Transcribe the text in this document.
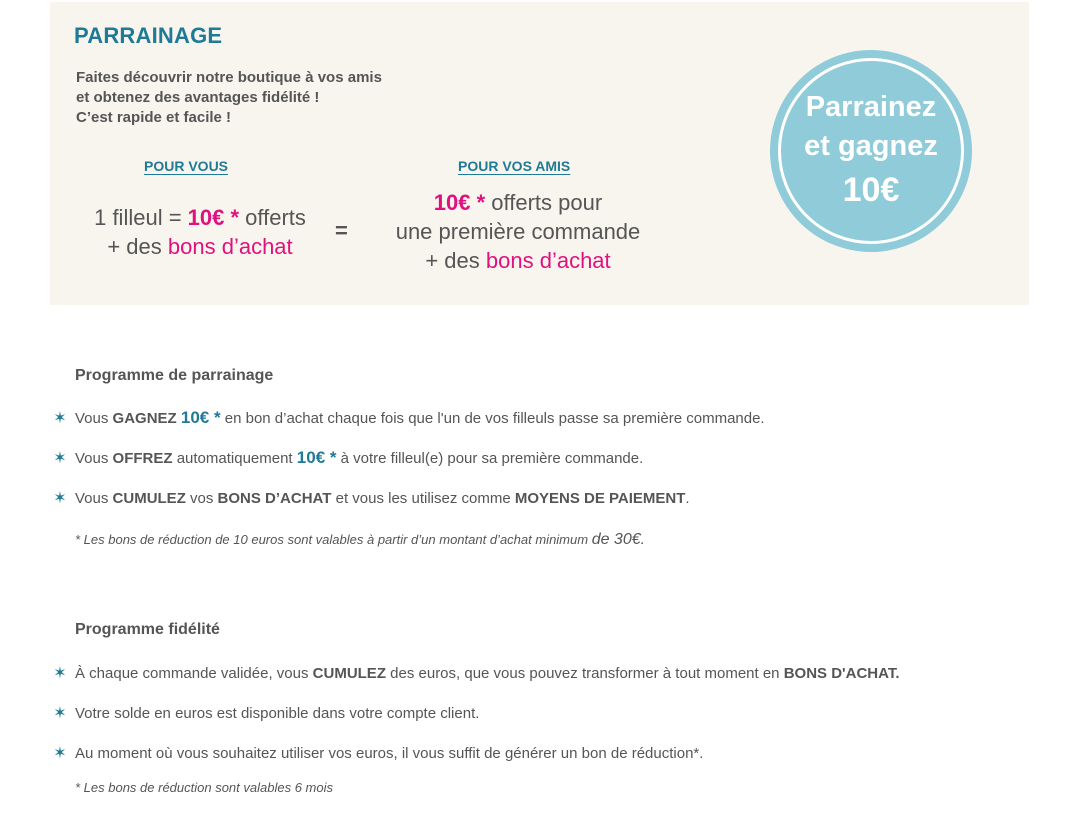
PARRAINAGE
Faites découvrir notre boutique à vos amis
et obtenez des avantages fidélité !
C’est rapide et facile !
POUR VOUS
1 filleul = 10€ * offerts
+ des bons d’achat
=
POUR VOS AMIS
10€ * offerts pour
une première commande
+ des bons d’achat
Parrainez
et gagnez
10€
Programme de parrainage
✶ Vous GAGNEZ 10€ * en bon d’achat chaque fois que l'un de vos filleuls passe sa première commande.
✶ Vous OFFREZ automatiquement 10€ * à votre filleul(e) pour sa première commande.
✶ Vous CUMULEZ vos BONS D’ACHAT et vous les utilisez comme MOYENS DE PAIEMENT.
* Les bons de réduction de 10 euros sont valables à partir d’un montant d’achat minimum de 30€.
Programme fidélité
✶ À chaque commande validée, vous CUMULEZ des euros, que vous pouvez transformer à tout moment en BONS D'ACHAT.
✶ Votre solde en euros est disponible dans votre compte client.
✶ Au moment où vous souhaitez utiliser vos euros, il vous suffit de générer un bon de réduction*.
* Les bons de réduction sont valables 6 mois
